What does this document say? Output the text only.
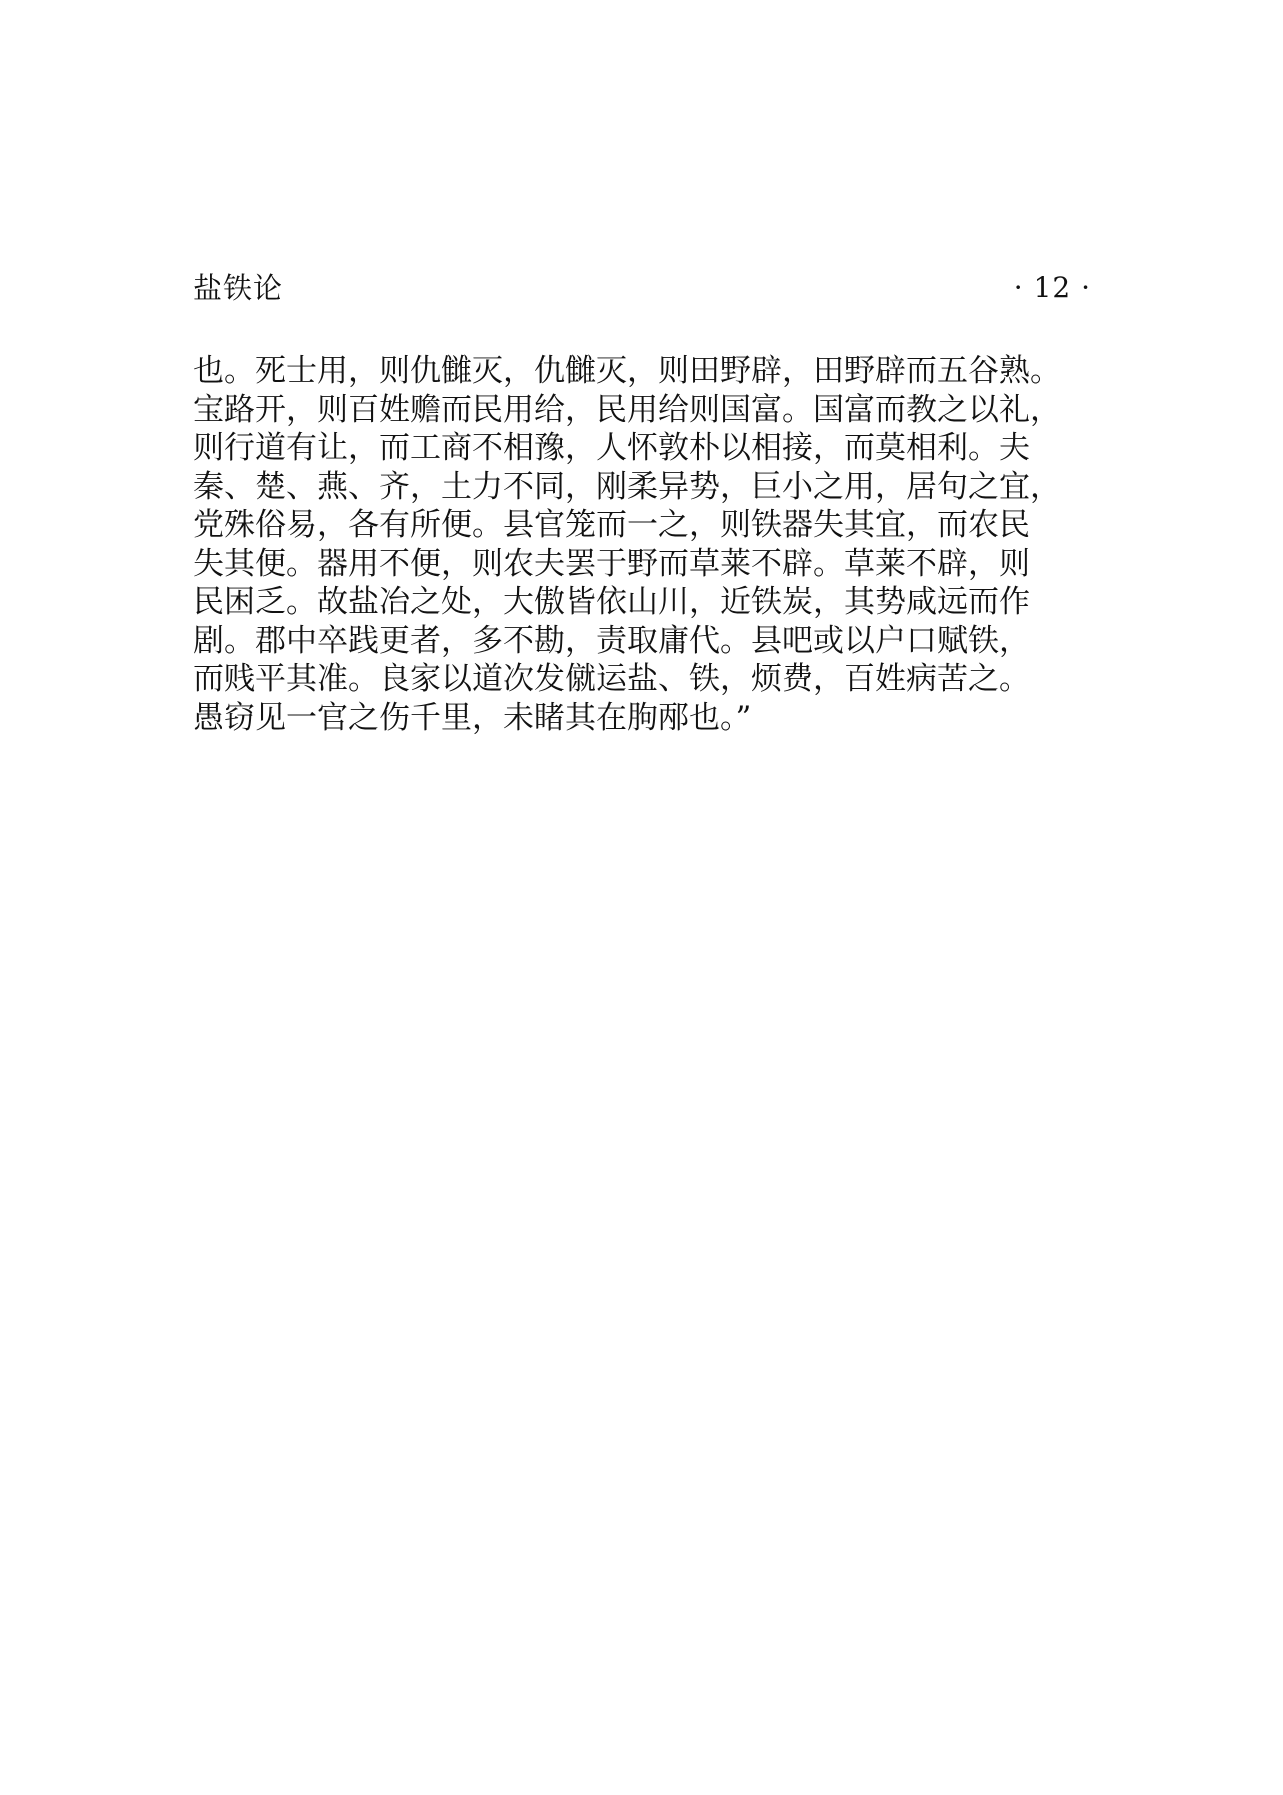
盐铁论	· 12 ·
也。死士用，则仇雠灭，仇雠灭，则田野辟，田野辟而五谷熟。
宝路开，则百姓赡而民用给，民用给则国富。国富而教之以礼，
则行道有让，而工商不相豫，人怀敦朴以相接，而莫相利。夫
秦、楚、燕、齐，土力不同，刚柔异势，巨小之用，居句之宜，
党殊俗易，各有所便。县官笼而一之，则铁器失其宜，而农民
失其便。器用不便，则农夫罢于野而草莱不辟。草莱不辟，则
民困乏。故盐冶之处，大傲皆依山川，近铁炭，其势咸远而作
剧。郡中卒践更者，多不勘，责取庸代。县吧或以户口赋铁，
而贱平其准。良家以道次发僦运盐、铁，烦费，百姓病苦之。
愚窃见一官之伤千里，未睹其在朐邴也。”
